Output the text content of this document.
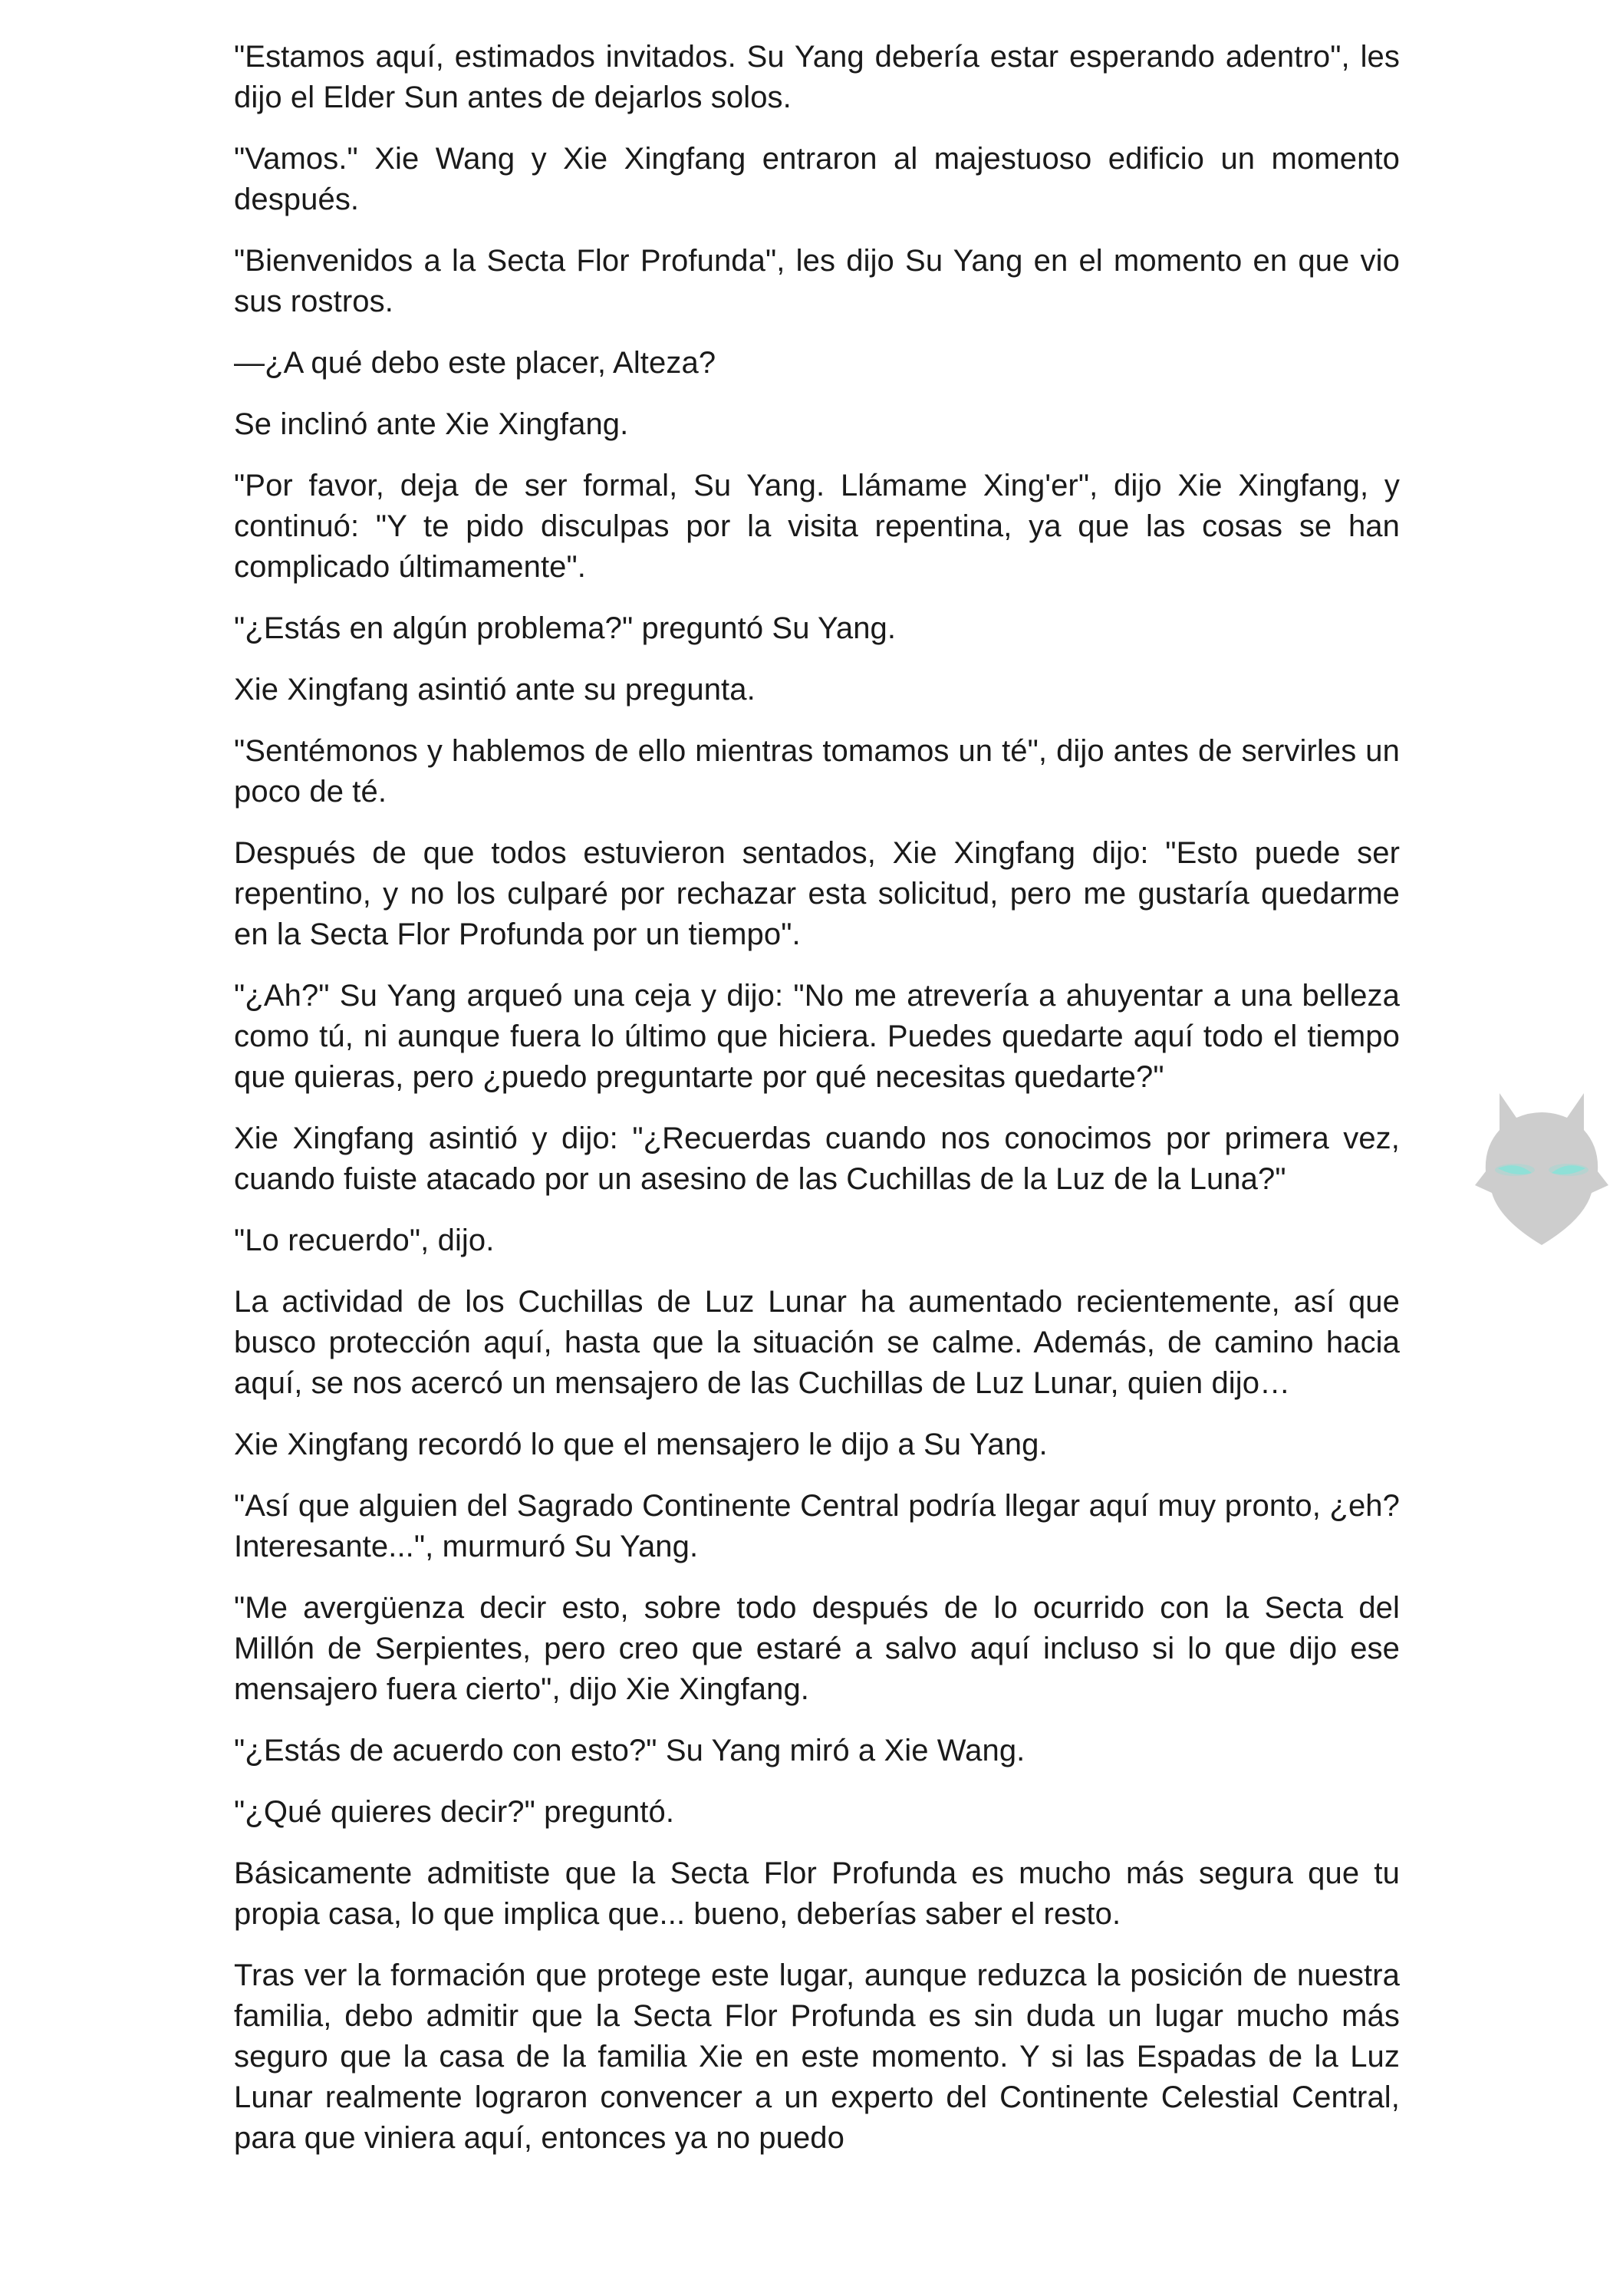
"Estamos aquí, estimados invitados. Su Yang debería estar esperando adentro", les dijo el Elder Sun antes de dejarlos solos.

"Vamos." Xie Wang y Xie Xingfang entraron al majestuoso edificio un momento después.

"Bienvenidos a la Secta Flor Profunda", les dijo Su Yang en el momento en que vio sus rostros.

—¿A qué debo este placer, Alteza?

Se inclinó ante Xie Xingfang.

"Por favor, deja de ser formal, Su Yang. Llámame Xing'er", dijo Xie Xingfang, y continuó: "Y te pido disculpas por la visita repentina, ya que las cosas se han complicado últimamente".

"¿Estás en algún problema?" preguntó Su Yang.

Xie Xingfang asintió ante su pregunta.

"Sentémonos y hablemos de ello mientras tomamos un té", dijo antes de servirles un poco de té.

Después de que todos estuvieron sentados, Xie Xingfang dijo: "Esto puede ser repentino, y no los culparé por rechazar esta solicitud, pero me gustaría quedarme en la Secta Flor Profunda por un tiempo".

"¿Ah?" Su Yang arqueó una ceja y dijo: "No me atrevería a ahuyentar a una belleza como tú, ni aunque fuera lo último que hiciera. Puedes quedarte aquí todo el tiempo que quieras, pero ¿puedo preguntarte por qué necesitas quedarte?"

Xie Xingfang asintió y dijo: "¿Recuerdas cuando nos conocimos por primera vez, cuando fuiste atacado por un asesino de las Cuchillas de la Luz de la Luna?"

"Lo recuerdo", dijo.

La actividad de los Cuchillas de Luz Lunar ha aumentado recientemente, así que busco protección aquí, hasta que la situación se calme. Además, de camino hacia aquí, se nos acercó un mensajero de las Cuchillas de Luz Lunar, quien dijo…

Xie Xingfang recordó lo que el mensajero le dijo a Su Yang.

"Así que alguien del Sagrado Continente Central podría llegar aquí muy pronto, ¿eh? Interesante...", murmuró Su Yang.

"Me avergüenza decir esto, sobre todo después de lo ocurrido con la Secta del Millón de Serpientes, pero creo que estaré a salvo aquí incluso si lo que dijo ese mensajero fuera cierto", dijo Xie Xingfang.

"¿Estás de acuerdo con esto?" Su Yang miró a Xie Wang.

"¿Qué quieres decir?" preguntó.

Básicamente admitiste que la Secta Flor Profunda es mucho más segura que tu propia casa, lo que implica que... bueno, deberías saber el resto.

Tras ver la formación que protege este lugar, aunque reduzca la posición de nuestra familia, debo admitir que la Secta Flor Profunda es sin duda un lugar mucho más seguro que la casa de la familia Xie en este momento. Y si las Espadas de la Luz Lunar realmente lograron convencer a un experto del Continente Celestial Central, para que viniera aquí, entonces ya no puedo
